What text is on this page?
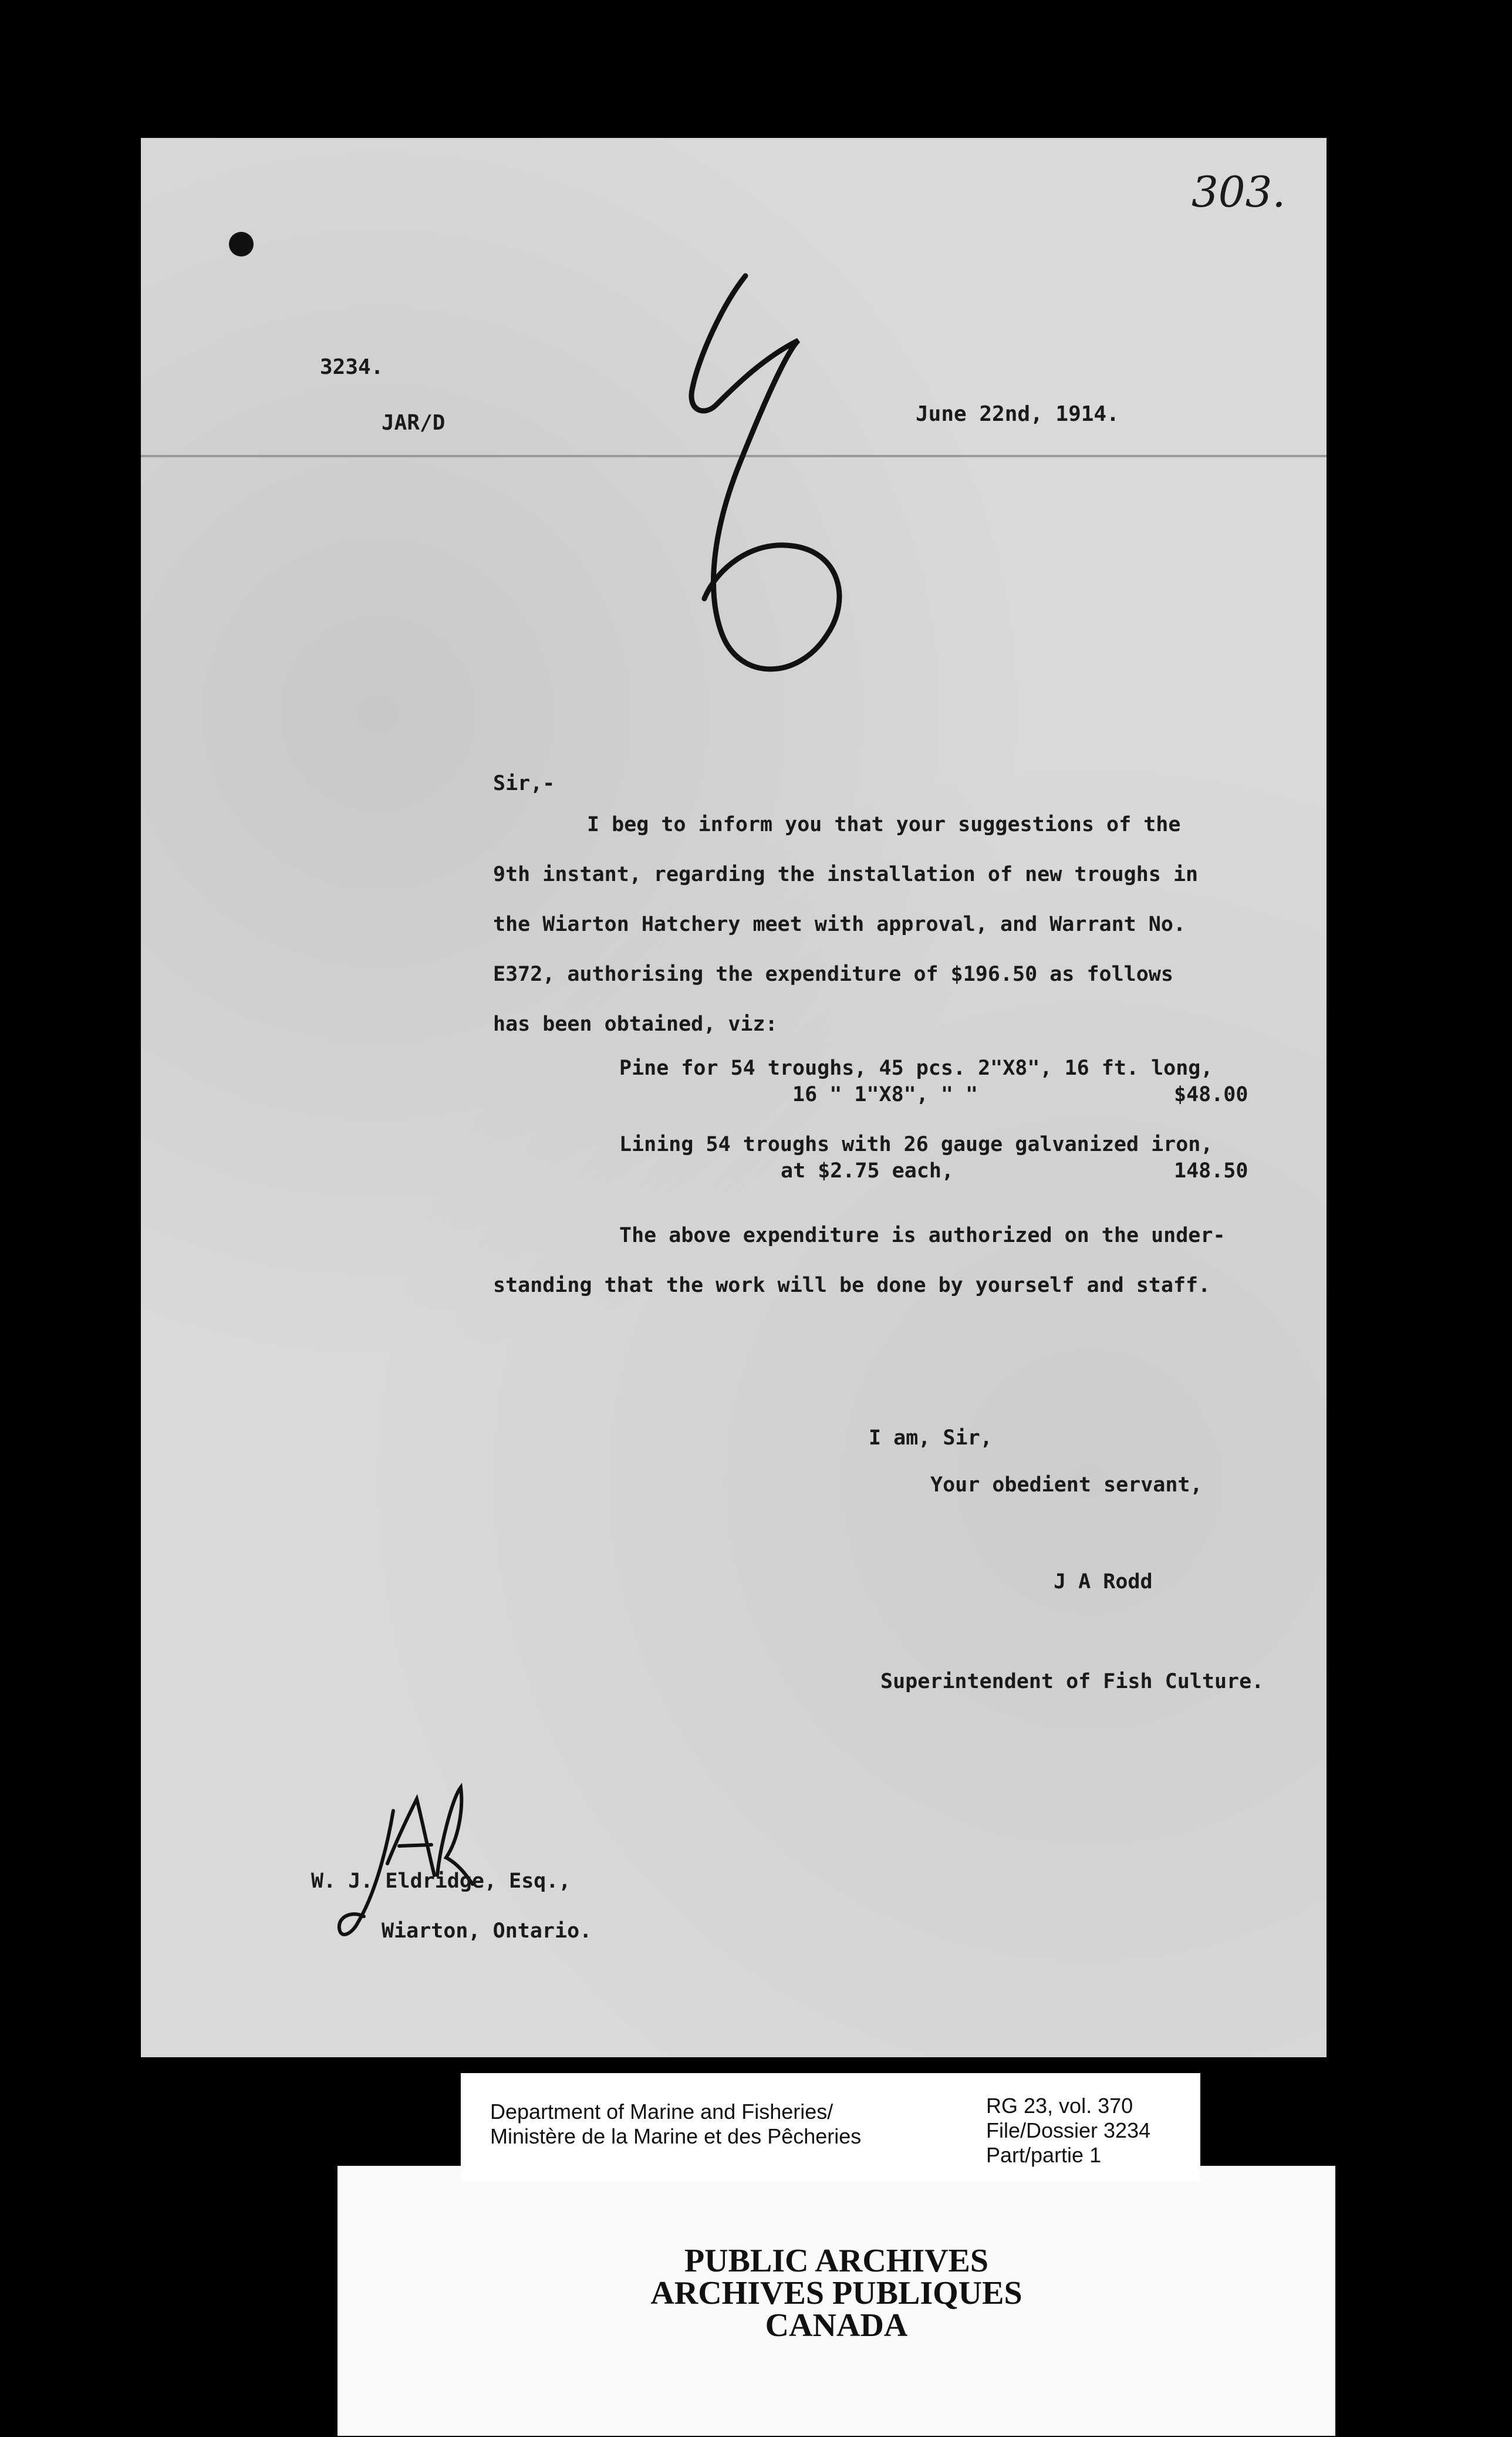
303.
3234.
JAR/D	June 22nd, 1914.
Sir,-
I beg to inform you that your suggestions of the
9th instant, regarding the installation of new troughs in
the Wiarton Hatchery meet with approval, and Warrant No.
E372, authorising the expenditure of $196.50 as follows
has been obtained, viz:
Pine for 54 troughs, 45 pcs. 2"X8", 16 ft. long,
16 " 1"X8", " "	$48.00
Lining 54 troughs with 26 gauge galvanized iron,
at $2.75 each,	148.50
The above expenditure is authorized on the under-
standing that the work will be done by yourself and staff.
I am, Sir,
Your obedient servant,
J A Rodd
Superintendent of Fish Culture.
W. J. Eldridge, Esq.,
Wiarton, Ontario.
PUBLIC ARCHIVES
ARCHIVES PUBLIQUES
CANADA
Department of Marine and Fisheries/
Ministère de la Marine et des Pêcheries
RG 23, vol. 370
File/Dossier 3234
Part/partie 1
